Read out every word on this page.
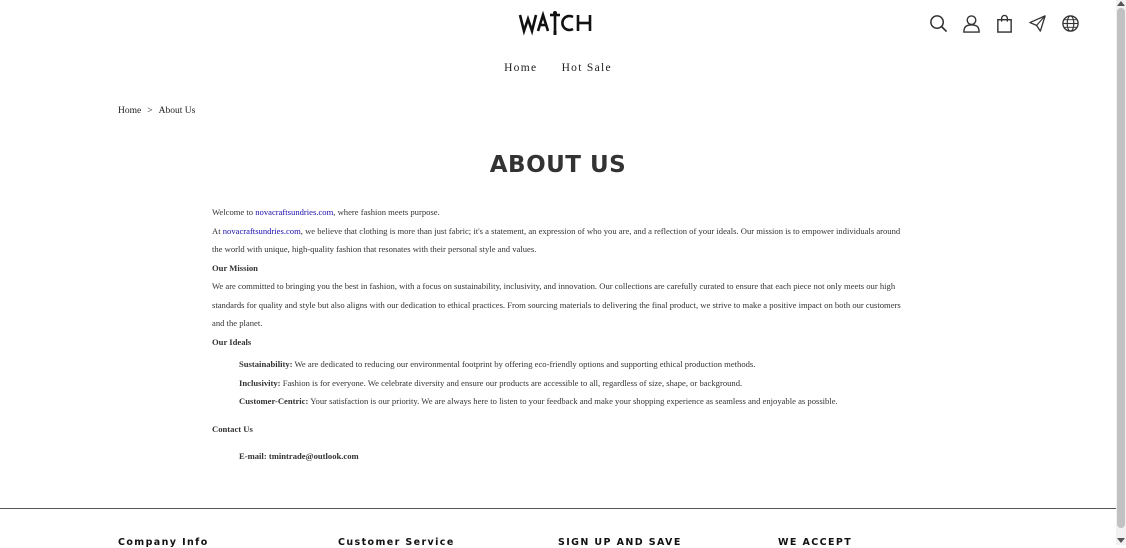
Home Hot Sale
Home > About Us
ABOUT US

Welcome to novacraftsundries.com, where fashion meets purpose.

At novacraftsundries.com, we believe that clothing is more than just fabric; it's a statement, an expression of who you are, and a reflection of your ideals. Our mission is to empower individuals around the world with unique, high-quality fashion that resonates with their personal style and values.

Our Mission

We are committed to bringing you the best in fashion, with a focus on sustainability, inclusivity, and innovation. Our collections are carefully curated to ensure that each piece not only meets our high standards for quality and style but also aligns with our dedication to ethical practices. From sourcing materials to delivering the final product, we strive to make a positive impact on both our customers and the planet.

Our Ideals

Sustainability: We are dedicated to reducing our environmental footprint by offering eco-friendly options and supporting ethical production methods.
Inclusivity: Fashion is for everyone. We celebrate diversity and ensure our products are accessible to all, regardless of size, shape, or background.
Customer-Centric: Your satisfaction is our priority. We are always here to listen to your feedback and make your shopping experience as seamless and enjoyable as possible.

Contact Us

E-mail: tmintrade@outlook.com

Company Info	Customer Service	SIGN UP AND SAVE	WE ACCEPT
